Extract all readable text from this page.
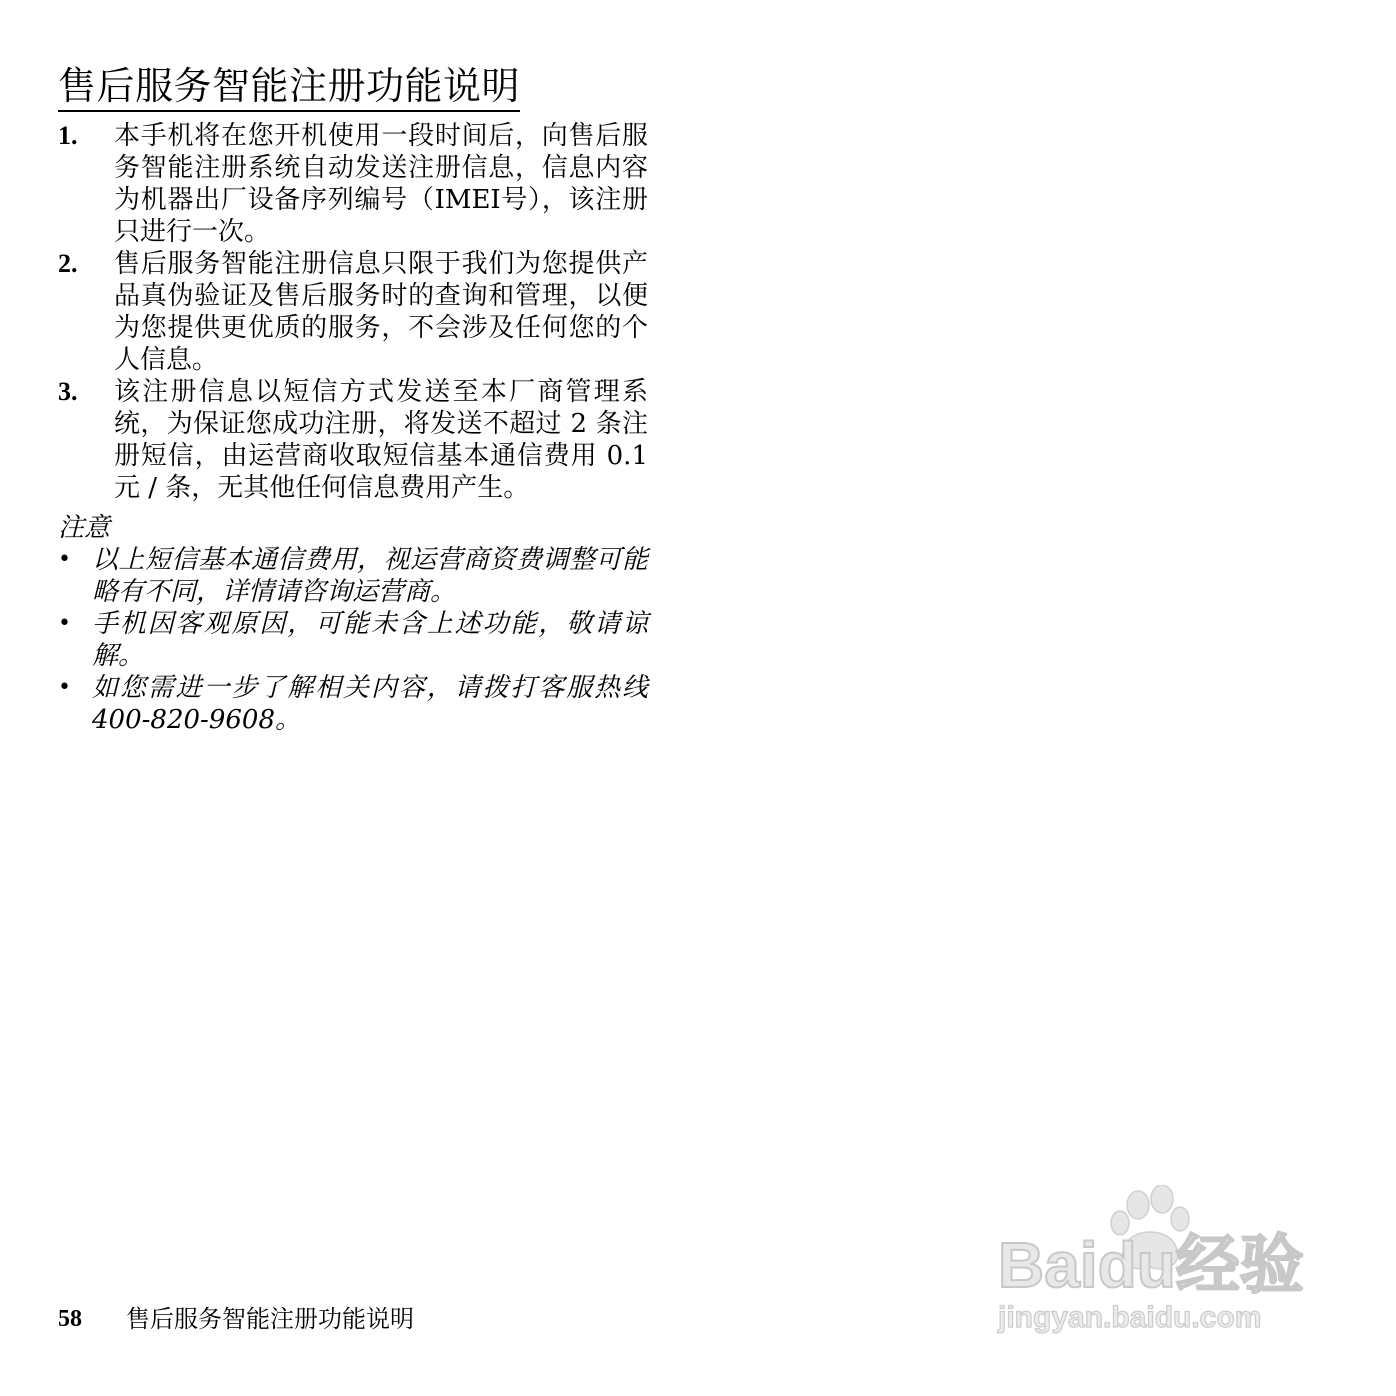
售后服务智能注册功能说明
1.	本手机将在您开机使用一段时间后，向售后服务智能注册系统自动发送注册信息，信息内容为机器出厂设备序列编号（IMEI号），该注册只进行一次。
2.	售后服务智能注册信息只限于我们为您提供产品真伪验证及售后服务时的查询和管理，以便为您提供更优质的服务，不会涉及任何您的个人信息。
3.	该注册信息以短信方式发送至本厂商管理系统，为保证您成功注册，将发送不超过 2 条注册短信，由运营商收取短信基本通信费用 0.1 元 / 条，无其他任何信息费用产生。
注意
• 以上短信基本通信费用，视运营商资费调整可能略有不同，详情请咨询运营商。
• 手机因客观原因，可能未含上述功能，敬请谅解。
• 如您需进一步了解相关内容，请拨打客服热线 400-820-9608。
58	售后服务智能注册功能说明
Baidu经验
jingyan.baidu.com
